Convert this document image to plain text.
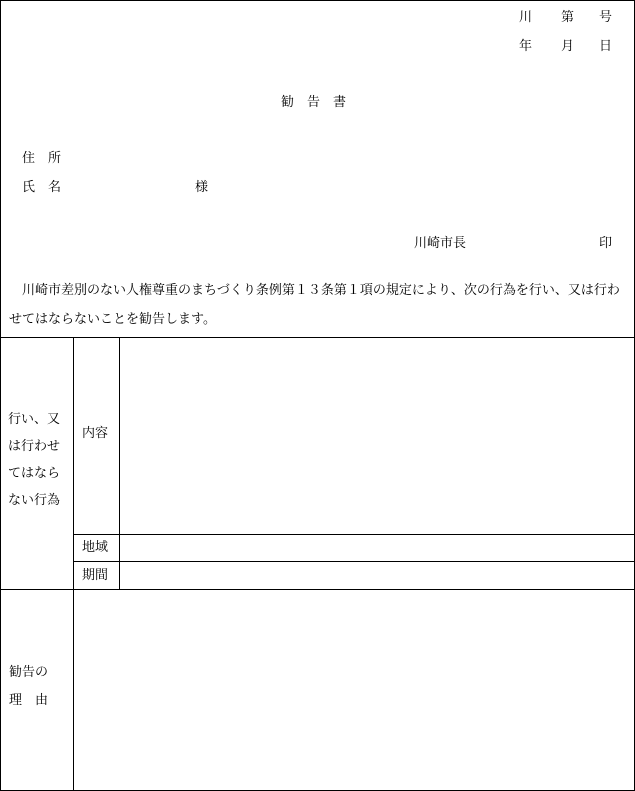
川 第 号
年 月 日
勧　告　書
住　所
氏　名	様
川崎市長	印
川崎市差別のない人権尊重のまちづくり条例第１３条第１項の規定により、次の行為を行い、又は行わ
せてはならないことを勧告します。
行い、又
は行わせ
てはなら
ない行為
内容
地域
期間
勧告の
理　由
